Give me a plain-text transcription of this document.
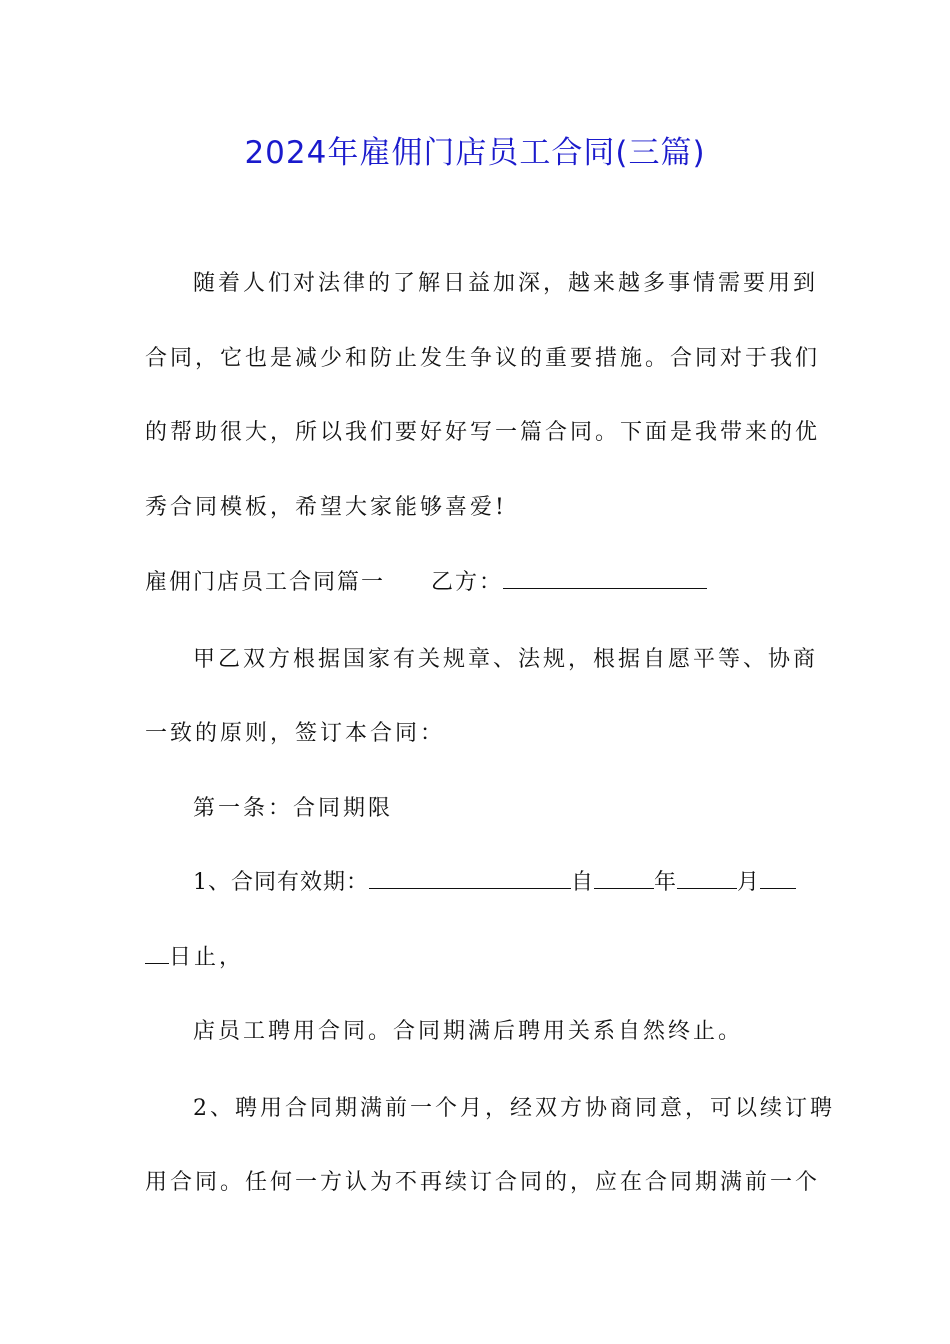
2024年雇佣门店员工合同(三篇)
随着人们对法律的了解日益加深，越来越多事情需要用到
合同，它也是减少和防止发生争议的重要措施。合同对于我们
的帮助很大，所以我们要好好写一篇合同。下面是我带来的优
秀合同模板，希望大家能够喜爱!
雇佣门店员工合同篇一 乙方：
甲乙双方根据国家有关规章、法规，根据自愿平等、协商
一致的原则，签订本合同：
第一条：合同期限
1、合同有效期：	自	年	月
日止，
店员工聘用合同。合同期满后聘用关系自然终止。
2、聘用合同期满前一个月，经双方协商同意，可以续订聘
用合同。任何一方认为不再续订合同的，应在合同期满前一个
